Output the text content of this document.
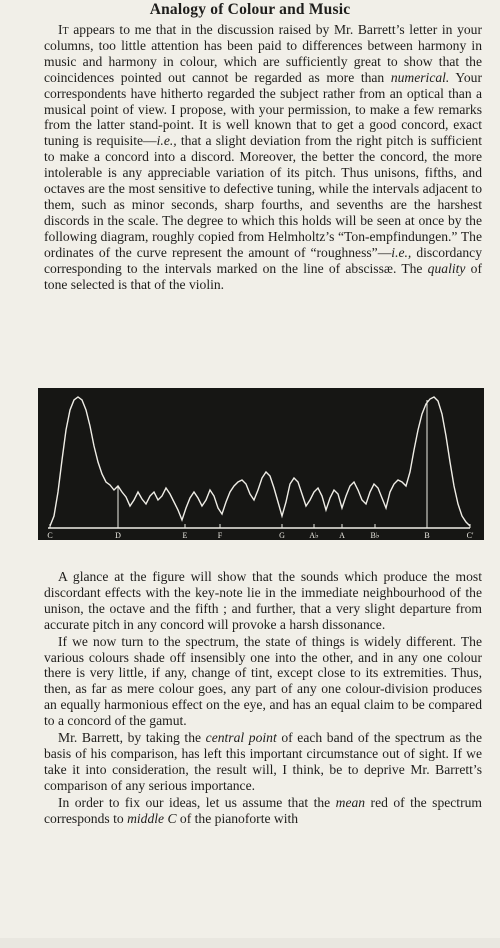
Analogy of Colour and Music

It appears to me that in the discussion raised by Mr. Barrett’s letter in your columns, too little attention has been paid to differences between harmony in music and harmony in colour, which are sufficiently great to show that the coincidences pointed out cannot be regarded as more than numerical. Your correspondents have hitherto regarded the subject rather from an optical than a musical point of view. I propose, with your permission, to make a few remarks from the latter stand-point. It is well known that to get a good concord, exact tuning is requisite—i.e., that a slight deviation from the right pitch is sufficient to make a concord into a discord. Moreover, the better the concord, the more intolerable is any appreciable variation of its pitch. Thus unisons, fifths, and octaves are the most sensitive to defective tuning, while the intervals adjacent to them, such as minor seconds, sharp fourths, and sevenths are the harshest discords in the scale. The degree to which this holds will be seen at once by the following diagram, roughly copied from Helmholtz’s “Ton-empfindungen.” The ordinates of the curve represent the amount of “roughness”—i.e., discordancy corresponding to the intervals marked on the line of abscissæ. The quality of tone selected is that of the violin.

C	D	E	F	G	A♭	A	B♭	B	C'

A glance at the figure will show that the sounds which produce the most discordant effects with the key-note lie in the immediate neighbourhood of the unison, the octave and the fifth ; and further, that a very slight departure from accurate pitch in any concord will provoke a harsh dissonance.

If we now turn to the spectrum, the state of things is widely different. The various colours shade off insensibly one into the other, and in any one colour there is very little, if any, change of tint, except close to its extremities. Thus, then, as far as mere colour goes, any part of any one colour-division produces an equally harmonious effect on the eye, and has an equal claim to be compared to a concord of the gamut.

Mr. Barrett, by taking the central point of each band of the spectrum as the basis of his comparison, has left this important circumstance out of sight. If we take it into consideration, the result will, I think, be to deprive Mr. Barrett’s comparison of any serious importance.

In order to fix our ideas, let us assume that the mean red of the spectrum corresponds to middle C of the pianoforte with
